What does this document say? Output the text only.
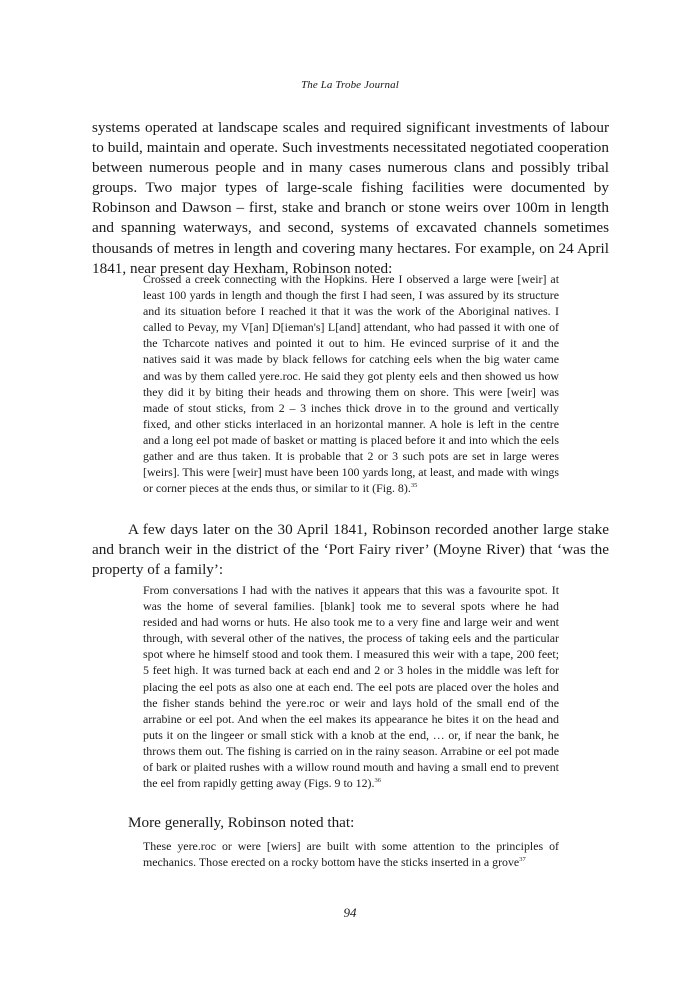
The La Trobe Journal

systems operated at landscape scales and required significant investments of labour to build, maintain and operate. Such investments necessitated negotiated cooperation between numerous people and in many cases numerous clans and possibly tribal groups. Two major types of large-scale fishing facilities were documented by Robinson and Dawson – first, stake and branch or stone weirs over 100m in length and spanning waterways, and second, systems of excavated channels sometimes thousands of metres in length and covering many hectares. For example, on 24 April 1841, near present day Hexham, Robinson noted:

Crossed a creek connecting with the Hopkins. Here I observed a large were [weir] at least 100 yards in length and though the first I had seen, I was assured by its structure and its situation before I reached it that it was the work of the Aboriginal natives. I called to Pevay, my V[an] D[ieman's] L[and] attendant, who had passed it with one of the Tcharcote natives and pointed it out to him. He evinced surprise of it and the natives said it was made by black fellows for catching eels when the big water came and was by them called yere.roc. He said they got plenty eels and then showed us how they did it by biting their heads and throwing them on shore. This were [weir] was made of stout sticks, from 2 – 3 inches thick drove in to the ground and vertically fixed, and other sticks interlaced in an horizontal manner. A hole is left in the centre and a long eel pot made of basket or matting is placed before it and into which the eels gather and are thus taken. It is probable that 2 or 3 such pots are set in large weres [weirs]. This were [weir] must have been 100 yards long, at least, and made with wings or corner pieces at the ends thus, or similar to it (Fig. 8).$^{35}$

A few days later on the 30 April 1841, Robinson recorded another large stake and branch weir in the district of the ‘Port Fairy river’ (Moyne River) that ‘was the property of a family’:

From conversations I had with the natives it appears that this was a favourite spot. It was the home of several families. [blank] took me to several spots where he had resided and had worns or huts. He also took me to a very fine and large weir and went through, with several other of the natives, the process of taking eels and the particular spot where he himself stood and took them. I measured this weir with a tape, 200 feet; 5 feet high. It was turned back at each end and 2 or 3 holes in the middle was left for placing the eel pots as also one at each end. The eel pots are placed over the holes and the fisher stands behind the yere.roc or weir and lays hold of the small end of the arrabine or eel pot. And when the eel makes its appearance he bites it on the head and puts it on the lingeer or small stick with a knob at the end, … or, if near the bank, he throws them out. The fishing is carried on in the rainy season. Arrabine or eel pot made of bark or plaited rushes with a willow round mouth and having a small end to prevent the eel from rapidly getting away (Figs. 9 to 12).$^{36}$

More generally, Robinson noted that:

These yere.roc or were [wiers] are built with some attention to the principles of mechanics. Those erected on a rocky bottom have the sticks inserted in a grove$^{37}$

94
